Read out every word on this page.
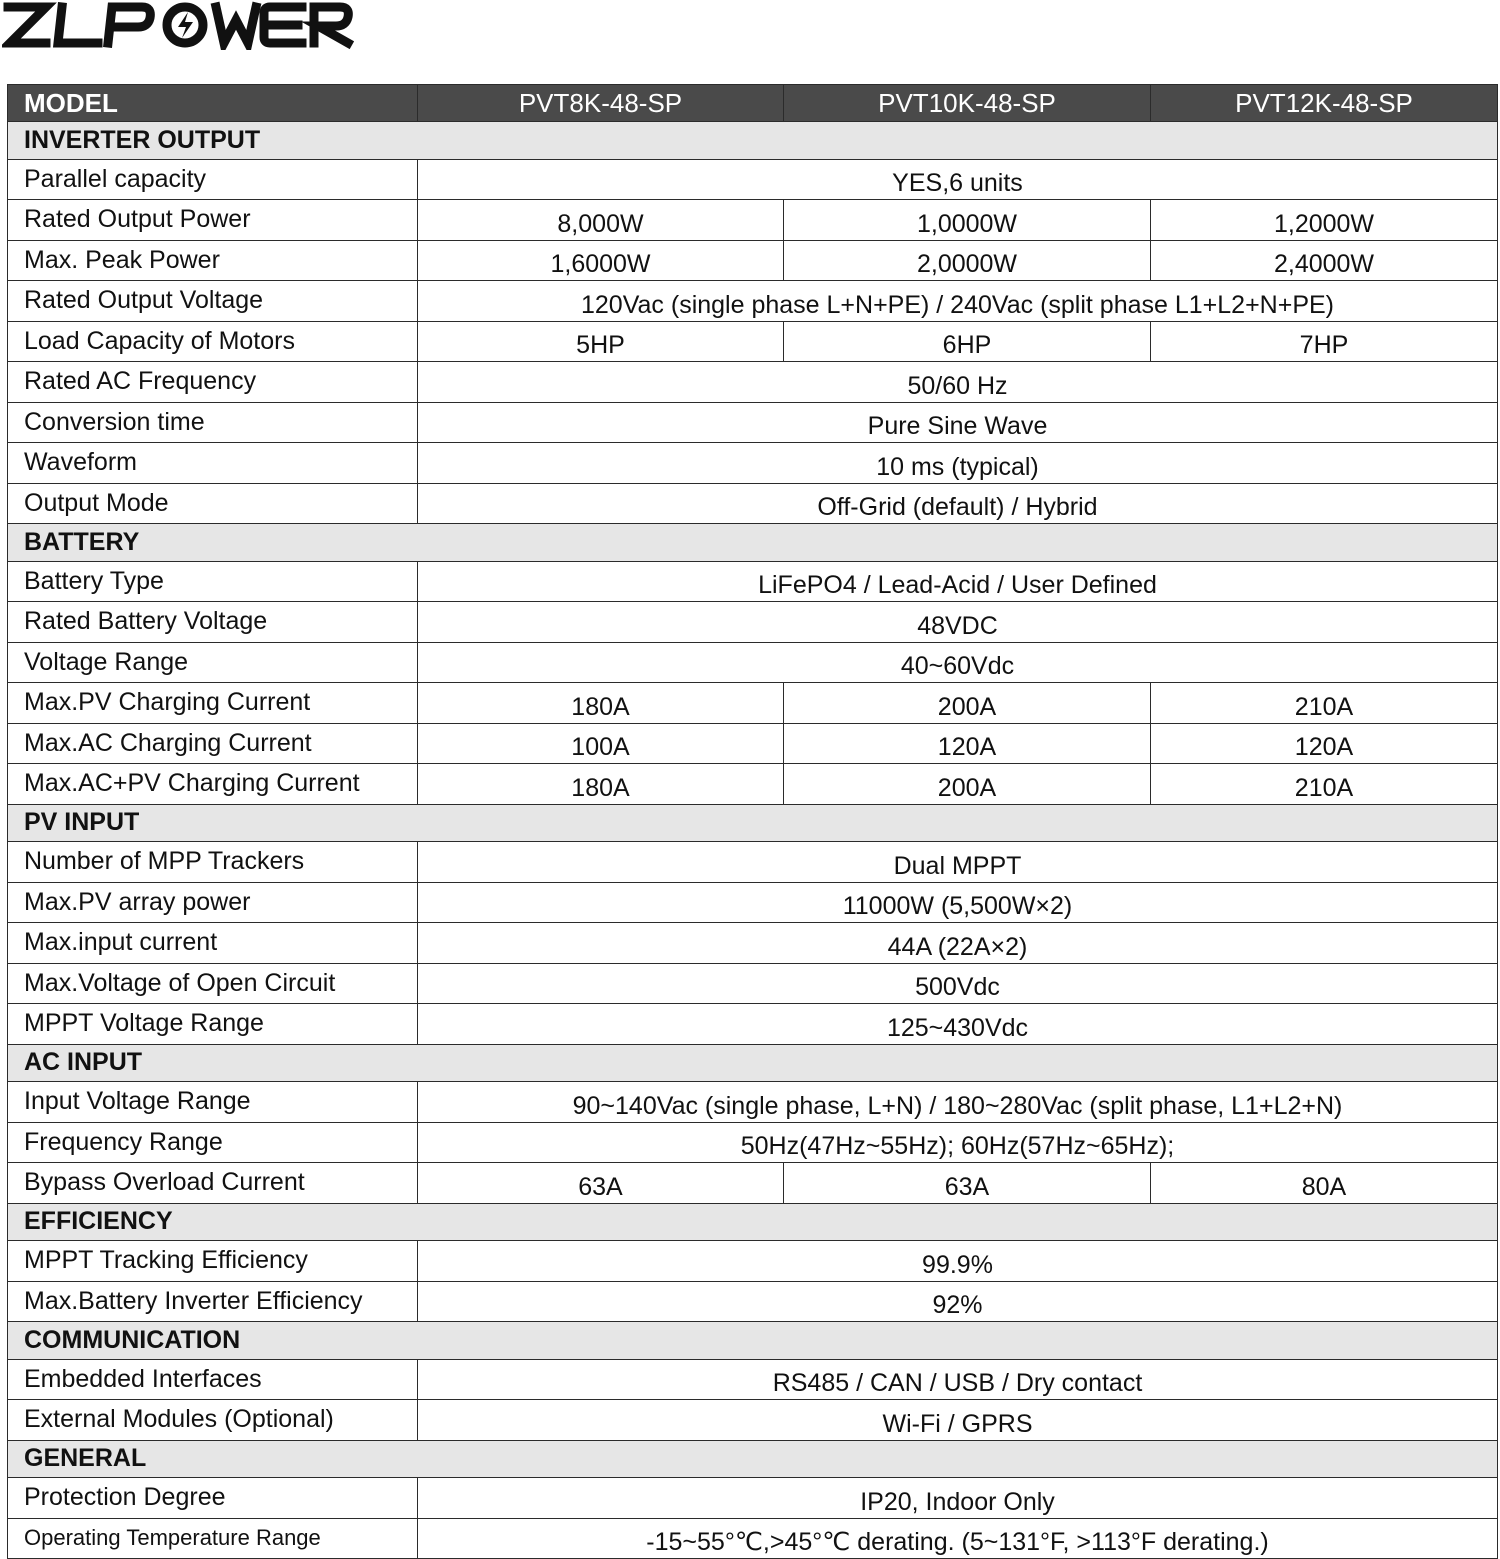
MODEL	PVT8K-48-SP	PVT10K-48-SP	PVT12K-48-SP
INVERTER OUTPUT			
Parallel capacity	YES,6 units		
Rated Output Power	8,000W	1,0000W	1,2000W
Max. Peak Power	1,6000W	2,0000W	2,4000W
Rated Output Voltage	120Vac (single phase L+N+PE) / 240Vac (split phase L1+L2+N+PE)		
Load Capacity of Motors	5HP	6HP	7HP
Rated AC Frequency	50/60 Hz		
Conversion time	Pure Sine Wave		
Waveform	10 ms (typical)		
Output Mode	Off-Grid (default) / Hybrid		
BATTERY			
Battery Type	LiFePO4 / Lead-Acid / User Defined		
Rated Battery Voltage	48VDC		
Voltage Range	40~60Vdc		
Max.PV Charging Current	180A	200A	210A
Max.AC Charging Current	100A	120A	120A
Max.AC+PV Charging Current	180A	200A	210A
PV INPUT			
Number of MPP Trackers	Dual MPPT		
Max.PV array power	11000W (5,500W×2)		
Max.input current	44A (22A×2)		
Max.Voltage of Open Circuit	500Vdc		
MPPT Voltage Range	125~430Vdc		
AC INPUT			
Input Voltage Range	90~140Vac (single phase, L+N) / 180~280Vac (split phase, L1+L2+N)		
Frequency Range	50Hz(47Hz~55Hz); 60Hz(57Hz~65Hz);		
Bypass Overload Current	63A	63A	80A
EFFICIENCY			
MPPT Tracking Efficiency	99.9%		
Max.Battery Inverter Efficiency	92%		
COMMUNICATION			
Embedded Interfaces	RS485 / CAN / USB / Dry contact		
External Modules (Optional)	Wi-Fi / GPRS		
GENERAL			
Protection Degree	IP20, Indoor Only		
Operating Temperature Range	-15~55°℃,>45°℃ derating. (5~131°F, >113°F derating.)		
